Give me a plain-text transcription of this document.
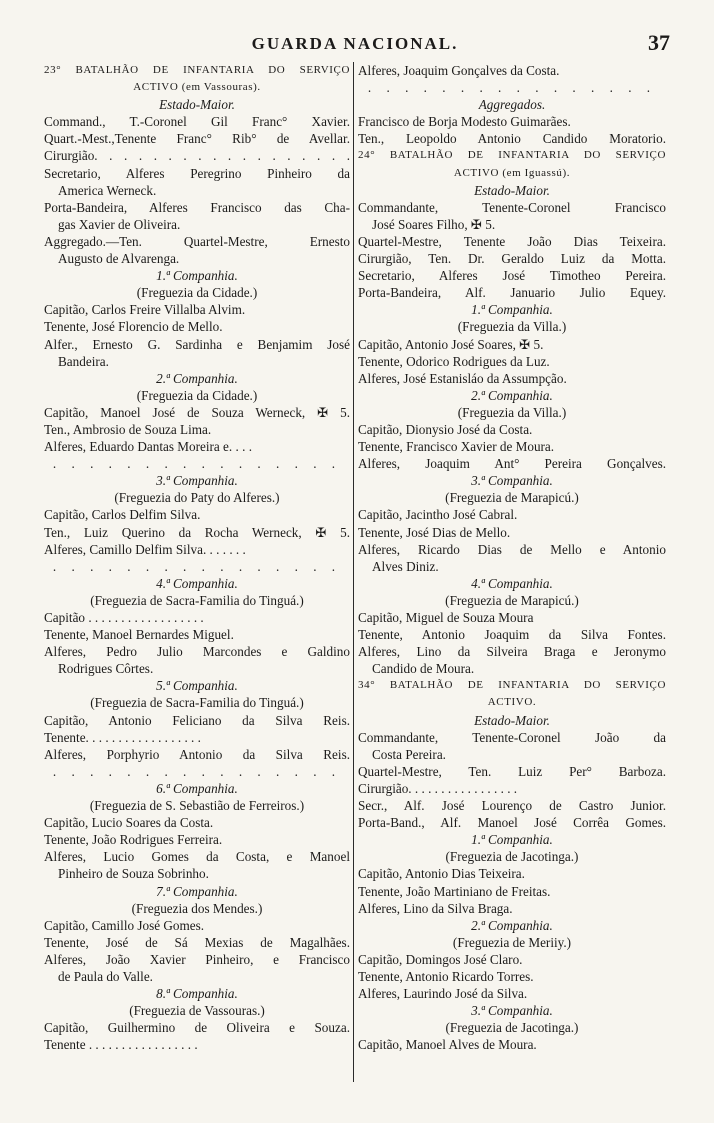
GUARDA NACIONAL.	37
23° BATALHÃO DE INFANTARIA DO SERVIÇO
ACTIVO (em Vassouras).
Estado-Maior.
Command., T.-Coronel Gil Franc° Xavier.
Quart.-Mest.,Tenente Franc° Rib° de Avellar.
Cirurgião. . . . . . . . . . . . . . . . . .
Secretario, Alferes Peregrino Pinheiro da
America Werneck.
Porta-Bandeira, Alferes Francisco das Cha-
gas Xavier de Oliveira.
Aggregado.—Ten. Quartel-Mestre, Ernesto
Augusto de Alvarenga.
1.ª Companhia.
(Freguezia da Cidade.)
Capitão, Carlos Freire Villalba Alvim.
Tenente, José Florencio de Mello.
Alfer., Ernesto G. Sardinha e Benjamim José
Bandeira.
2.ª Companhia.
(Freguezia da Cidade.)
Capitão, Manoel José de Souza Werneck, ✠ 5.
Ten., Ambrosio de Souza Lima.
Alferes, Eduardo Dantas Moreira e. . . .
. . . . . . . . . . . . . . . .
3.ª Companhia.
(Freguezia do Paty do Alferes.)
Capitão, Carlos Delfim Silva.
Ten., Luiz Querino da Rocha Werneck, ✠ 5.
Alferes, Camillo Delfim Silva. . . . . . .
. . . . . . . . . . . . . . . .
4.ª Companhia.
(Freguezia de Sacra-Familia do Tinguá.)
Capitão . . . . . . . . . . . . . . . . . .
Tenente, Manoel Bernardes Miguel.
Alferes, Pedro Julio Marcondes e Galdino
Rodrigues Côrtes.
5.ª Companhia.
(Freguezia de Sacra-Familia do Tinguá.)
Capitão, Antonio Feliciano da Silva Reis.
Tenente. . . . . . . . . . . . . . . . . .
Alferes, Porphyrio Antonio da Silva Reis.
. . . . . . . . . . . . . . . .
6.ª Companhia.
(Freguezia de S. Sebastião de Ferreiros.)
Capitão, Lucio Soares da Costa.
Tenente, João Rodrigues Ferreira.
Alferes, Lucio Gomes da Costa, e Manoel
Pinheiro de Souza Sobrinho.
7.ª Companhia.
(Freguezia dos Mendes.)
Capitão, Camillo José Gomes.
Tenente, José de Sá Mexias de Magalhães.
Alferes, João Xavier Pinheiro, e Francisco
de Paula do Valle.
8.ª Companhia.
(Freguezia de Vassouras.)
Capitão, Guilhermino de Oliveira e Souza.
Tenente . . . . . . . . . . . . . . . . .
Alferes, Joaquim Gonçalves da Costa.
. . . . . . . . . . . . . . . .
Aggregados.
Francisco de Borja Modesto Guimarães.
Ten., Leopoldo Antonio Candido Moratorio.
24° BATALHÃO DE INFANTARIA DO SERVIÇO
ACTIVO (em Iguassú).
Estado-Maior.
Commandante, Tenente-Coronel Francisco
José Soares Filho, ✠ 5.
Quartel-Mestre, Tenente João Dias Teixeira.
Cirurgião, Ten. Dr. Geraldo Luiz da Motta.
Secretario, Alferes José Timotheo Pereira.
Porta-Bandeira, Alf. Januario Julio Equey.
1.ª Companhia.
(Freguezia da Villa.)
Capitão, Antonio José Soares, ✠ 5.
Tenente, Odorico Rodrigues da Luz.
Alferes, José Estanisláo da Assumpção.
2.ª Companhia.
(Freguezia da Villa.)
Capitão, Dionysio José da Costa.
Tenente, Francisco Xavier de Moura.
Alferes, Joaquim Ant° Pereira Gonçalves.
3.ª Companhia.
(Freguezia de Marapicú.)
Capitão, Jacintho José Cabral.
Tenente, José Dias de Mello.
Alferes, Ricardo Dias de Mello e Antonio
Alves Diniz.
4.ª Companhia.
(Freguezia de Marapicú.)
Capitão, Miguel de Souza Moura
Tenente, Antonio Joaquim da Silva Fontes.
Alferes, Lino da Silveira Braga e Jeronymo
Candido de Moura.
34° BATALHÃO DE INFANTARIA DO SERVIÇO
ACTIVO.
Estado-Maior.
Commandante, Tenente-Coronel João da
Costa Pereira.
Quartel-Mestre, Ten. Luiz Per° Barboza.
Cirurgião. . . . . . . . . . . . . . . . .
Secr., Alf. José Lourenço de Castro Junior.
Porta-Band., Alf. Manoel José Corrêa Gomes.
1.ª Companhia.
(Freguezia de Jacotinga.)
Capitão, Antonio Dias Teixeira.
Tenente, João Martiniano de Freitas.
Alferes, Lino da Silva Braga.
2.ª Companhia.
(Freguezia de Meriiy.)
Capitão, Domingos José Claro.
Tenente, Antonio Ricardo Torres.
Alferes, Laurindo José da Silva.
3.ª Companhia.
(Freguezia de Jacotinga.)
Capitão, Manoel Alves de Moura.
